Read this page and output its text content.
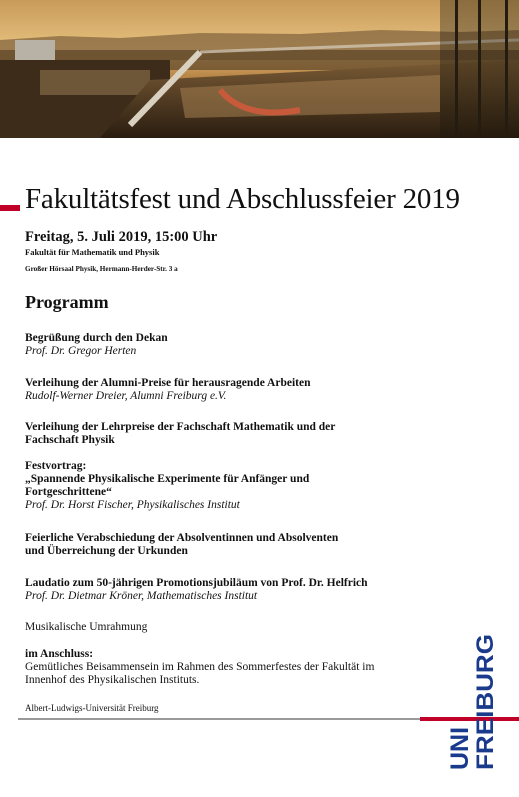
Fakultätsfest und Abschlussfeier 2019
Freitag, 5. Juli 2019, 15:00 Uhr
Fakultät für Mathematik und Physik
Großer Hörsaal Physik, Hermann-Herder-Str. 3 a
Programm
Begrüßung durch den Dekan
Prof. Dr. Gregor Herten
Verleihung der Alumni-Preise für herausragende Arbeiten
Rudolf-Werner Dreier, Alumni Freiburg e.V.
Verleihung der Lehrpreise der Fachschaft Mathematik und der
Fachschaft Physik
Festvortrag:
„Spannende Physikalische Experimente für Anfänger und
Fortgeschrittene“
Prof. Dr. Horst Fischer, Physikalisches Institut
Feierliche Verabschiedung der Absolventinnen und Absolventen
und Überreichung der Urkunden
Laudatio zum 50-jährigen Promotionsjubiläum von Prof. Dr. Helfrich
Prof. Dr. Dietmar Kröner, Mathematisches Institut
Musikalische Umrahmung
im Anschluss:
Gemütliches Beisammensein im Rahmen des Sommerfestes der Fakultät im
Innenhof des Physikalischen Instituts.
Albert-Ludwigs-Universität Freiburg
UNI
FREIBURG
